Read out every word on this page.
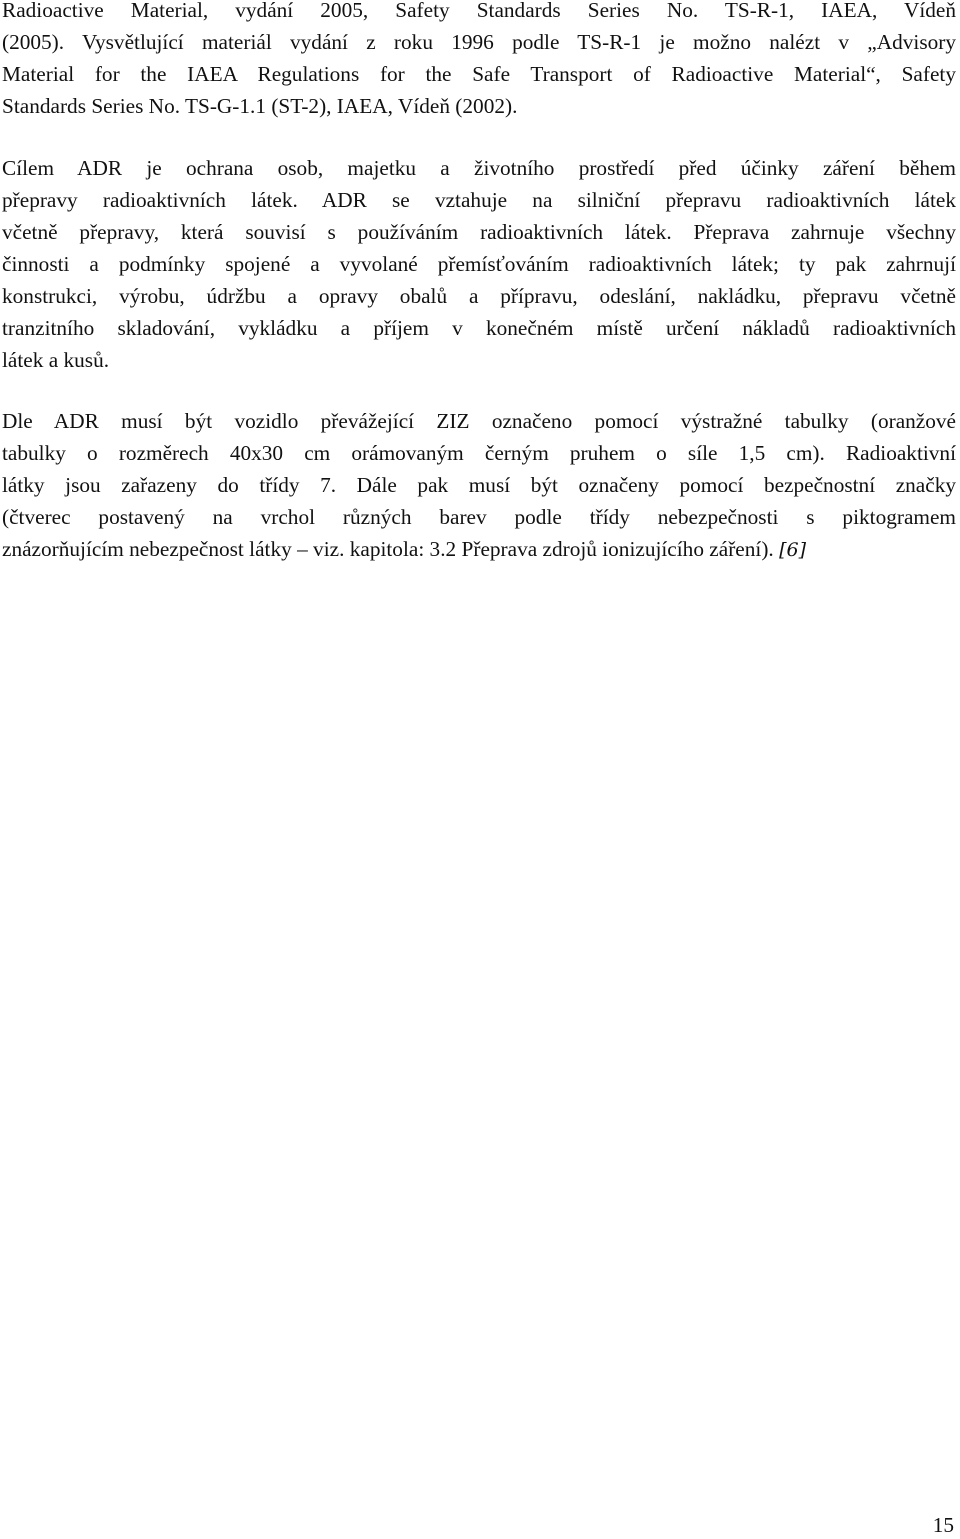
Radioactive Material, vydání 2005, Safety Standards Series No. TS-R-1, IAEA, Vídeň
(2005). Vysvětlující materiál vydání z roku 1996 podle TS-R-1 je možno nalézt v „Advisory
Material for the IAEA Regulations for the Safe Transport of Radioactive Material“, Safety
Standards Series No. TS-G-1.1 (ST-2), IAEA, Vídeň (2002).

Cílem ADR je ochrana osob, majetku a životního prostředí před účinky záření během
přepravy radioaktivních látek. ADR se vztahuje na silniční přepravu radioaktivních látek
včetně přepravy, která souvisí s používáním radioaktivních látek. Přeprava zahrnuje všechny
činnosti a podmínky spojené a vyvolané přemísťováním radioaktivních látek; ty pak zahrnují
konstrukci, výrobu, údržbu a opravy obalů a přípravu, odeslání, nakládku, přepravu včetně
tranzitního skladování, vykládku a příjem v konečném místě určení nákladů radioaktivních
látek a kusů.

Dle ADR musí být vozidlo převážející ZIZ označeno pomocí výstražné tabulky (oranžové
tabulky o rozměrech 40x30 cm orámovaným černým pruhem o síle 1,5 cm). Radioaktivní
látky jsou zařazeny do třídy 7. Dále pak musí být označeny pomocí bezpečnostní značky
(čtverec postavený na vrchol různých barev podle třídy nebezpečnosti s piktogramem
znázorňujícím nebezpečnost látky – viz. kapitola: 3.2 Přeprava zdrojů ionizujícího záření). [6]

15
